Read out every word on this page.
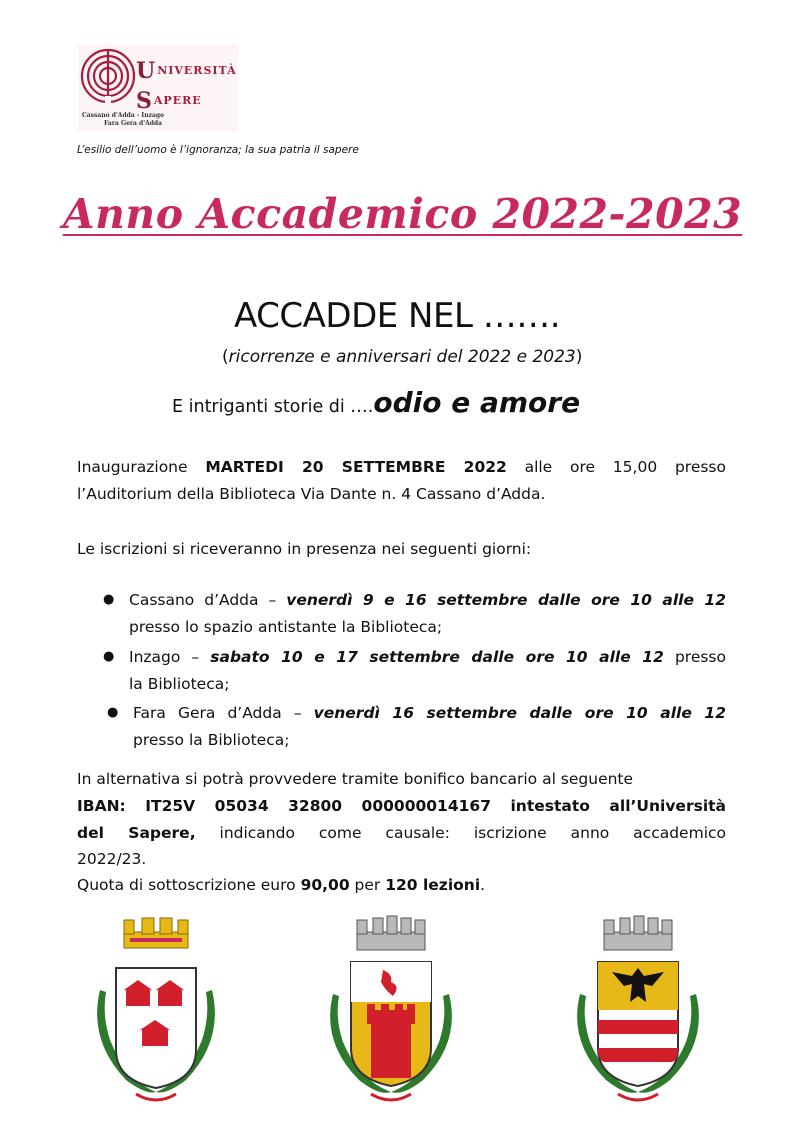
UNIVERSITÀ
SAPERE
Cassano d'Adda - Inzago
Fara Gera d'Adda
L’esilio dell’uomo è l’ignoranza; la sua patria il sapere
Anno Accademico 2022-2023
ACCADDE NEL …….
(ricorrenze e anniversari del 2022 e 2023)
E intriganti storie di ….odio e amore
Inaugurazione MARTEDI 20 SETTEMBRE 2022 alle ore 15,00 presso
l’Auditorium della Biblioteca Via Dante n. 4 Cassano d’Adda.
Le iscrizioni si riceveranno in presenza nei seguenti giorni:
● Cassano d’Adda – venerdì 9 e 16 settembre dalle ore 10 alle 12
presso lo spazio antistante la Biblioteca;
● Inzago – sabato 10 e 17 settembre dalle ore 10 alle 12 presso
la Biblioteca;
● Fara Gera d’Adda – venerdì 16 settembre dalle ore 10 alle 12
presso la Biblioteca;
In alternativa si potrà provvedere tramite bonifico bancario al seguente
IBAN: IT25V 05034 32800 000000014167 intestato all’Università
del Sapere, indicando come causale: iscrizione anno accademico
2022/23.
Quota di sottoscrizione euro 90,00 per 120 lezioni.
